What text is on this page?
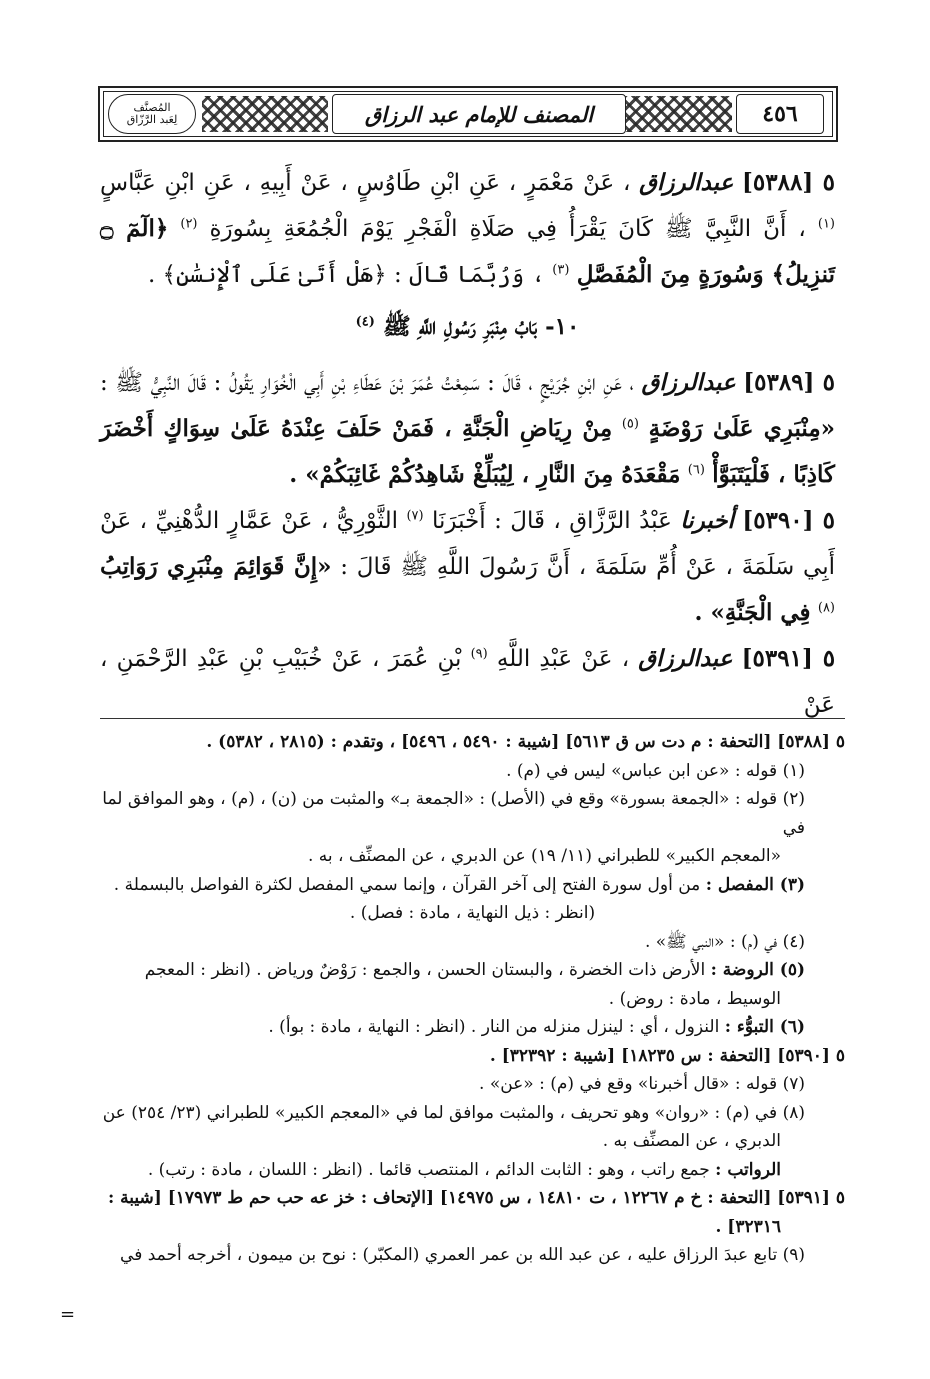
٤٥٦
المصنف للإمام عبد الرزاق
المُصنَّف
لِعَبد الرَّزّاق

٥ [٥٣٨٨] عبدالرزاق ، عَنْ مَعْمَرٍ ، عَنِ ابْنِ طَاوُسٍ ، عَنْ أَبِيهِ ، عَنِ ابْنِ عَبَّاسٍ $^{(١)}$ ، أَنَّ النَّبِيَّ ﷺ كَانَ يَقْرَأُ فِي صَلَاةِ الْفَجْرِ يَوْمَ الْجُمُعَةِ بِسُورَةِ $^{(٢)}$ ﴿الٓمٓ ۝ تَنزِيلُ﴾ وَسُورَةٍ مِنَ الْمُفَصَّلِ $^{(٣)}$ ، وَرُبَّمَا قَالَ : ﴿هَلْ أَتَىٰ عَلَى ٱلْإِنسَٰنِ﴾ .

١٠- بَابُ مِنْبَرِ رَسُولِ اللَّهِ ﷺ $^{(٤)}$

٥ [٥٣٨٩] عبدالرزاق ، عَنِ ابْنِ جُرَيْجٍ ، قَالَ : سَمِعْتُ عُمَرَ بْنَ عَطَاءِ بْنِ أَبِي الْخُوَارِ يَقُولُ : قَالَ النَّبِيُّ ﷺ : «مِنْبَرِي عَلَىٰ رَوْضَةٍ $^{(٥)}$ مِنْ رِيَاضِ الْجَنَّةِ ، فَمَنْ حَلَفَ عِنْدَهُ عَلَىٰ سِوَاكٍ أَخْضَرَ كَاذِبًا ، فَلْيَتَبَوَّأْ $^{(٦)}$ مَقْعَدَهُ مِنَ النَّارِ ، لِيُبَلِّغْ شَاهِدُكُمْ غَائِبَكُمْ» .

٥ [٥٣٩٠] أخبرنا عَبْدُ الرَّزَّاقِ ، قَالَ : أَخْبَرَنَا $^{(٧)}$ الثَّوْرِيُّ ، عَنْ عَمَّارٍ الدُّهْنِيِّ ، عَنْ أَبِي سَلَمَةَ ، عَنْ أُمِّ سَلَمَةَ ، أَنَّ رَسُولَ اللَّهِ ﷺ قَالَ : «إِنَّ قَوَائِمَ مِنْبَرِي رَوَاتِبُ $^{(٨)}$ فِي الْجَنَّةِ» .

٥ [٥٣٩١] عبدالرزاق ، عَنْ عَبْدِ اللَّهِ $^{(٩)}$ بْنِ عُمَرَ ، عَنْ خُبَيْبِ بْنِ عَبْدِ الرَّحْمَنِ ، عَنْ

٥ [٥٣٨٨] [التحفة : م دت س ق ٥٦١٣] [شيبة : ٥٤٩٠ ، ٥٤٩٦] ، وتقدم : (٢٨١٥ ، ٥٣٨٢) .

(١) قوله : «عن ابن عباس» ليس في (م) .

(٢) قوله : «الجمعة بسورة» وقع في (الأصل) : «الجمعة بـ» والمثبت من (ن) ، (م) ، وهو الموافق لما في

«المعجم الكبير» للطبراني (١١/ ١٩) عن الدبري ، عن المصنِّف ، به .

(٣) المفصل : من أول سورة الفتح إلى آخر القرآن ، وإنما سمي المفصل لكثرة الفواصل بالبسملة .

(انظر : ذيل النهاية ، مادة : فصل) .

(٤) في (م) : «النبي ﷺ» .

(٥) الروضة : الأرض ذات الخضرة ، والبستان الحسن ، والجمع : رَوْضٌ ورياض . (انظر : المعجم

الوسيط ، مادة : روض) .

(٦) التبوُّء : النزول ، أي : لينزل منزله من النار . (انظر : النهاية ، مادة : بوأ) .

٥ [٥٣٩٠] [التحفة : س ١٨٢٣٥] [شيبة : ٣٢٣٩٢] .

(٧) قوله : «قال أخبرنا» وقع في (م) : «عن» .

(٨) في (م) : «روان» وهو تحريف ، والمثبت موافق لما في «المعجم الكبير» للطبراني (٢٣/ ٢٥٤) عن

الدبري ، عن المصنِّف به .

الرواتب : جمع راتب ، وهو : الثابت الدائم ، المنتصب قائما . (انظر : اللسان ، مادة : رتب) .

٥ [٥٣٩١] [التحفة : خ م ١٢٢٦٧ ، ت ١٤٨١٠ ، س ١٤٩٧٥] [الإتحاف : خز عه حب حم ط ١٧٩٧٣] [شيبة :

٣٢٣١٦] .

(٩) تابع عبدَ الرزاق عليه ، عن عبد الله بن عمر العمري (المكبّر) : نوح بن ميمون ، أخرجه أحمد في

=
